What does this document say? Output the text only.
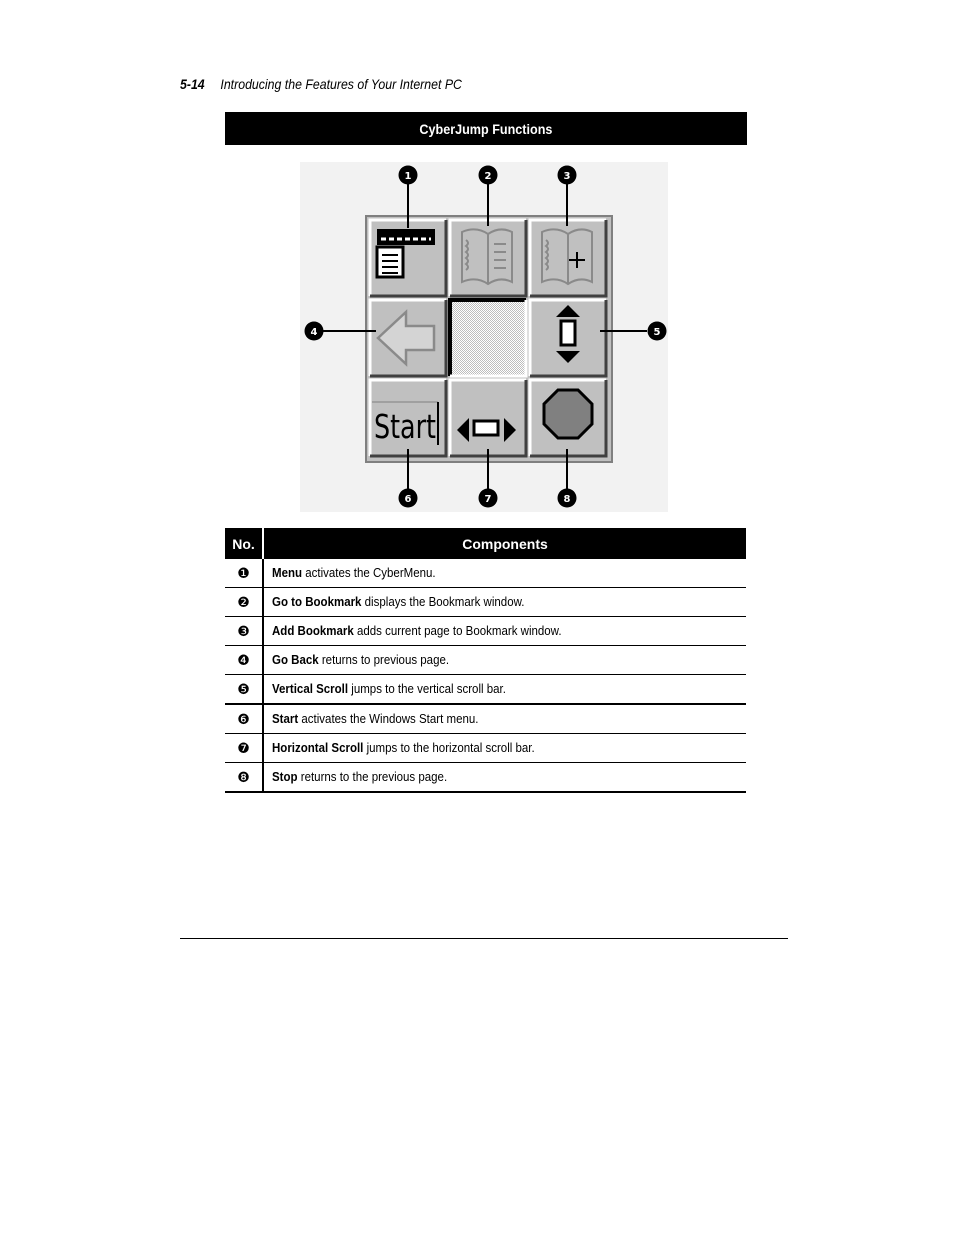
5-14 Introducing the Features of Your Internet PC
CyberJump Functions
Start
1	2	3
4	5
6	7	8
No.	Components
❶	Menu activates the CyberMenu.
❷	Go to Bookmark displays the Bookmark window.
❸	Add Bookmark adds current page to Bookmark window.
❹	Go Back returns to previous page.
❺	Vertical Scroll jumps to the vertical scroll bar.
❻	Start activates the Windows Start menu.
❼	Horizontal Scroll jumps to the horizontal scroll bar.
❽	Stop returns to the previous page.
